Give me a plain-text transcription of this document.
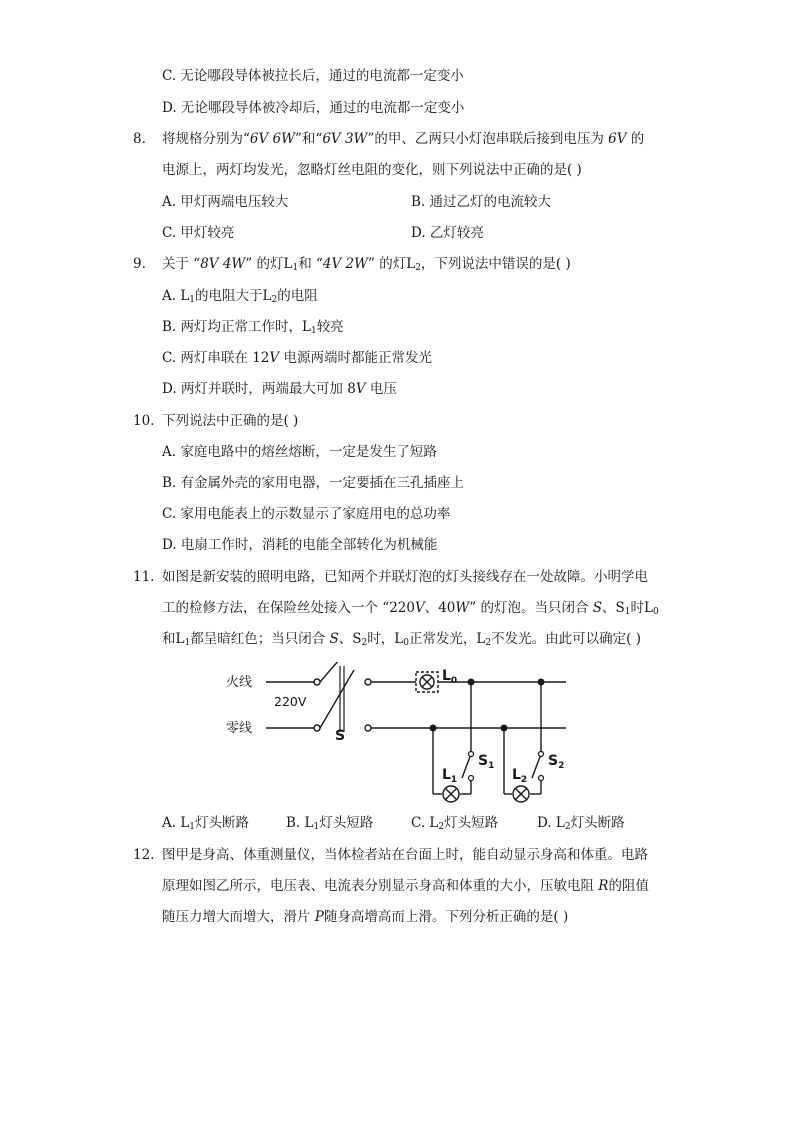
C. 无论哪段导体被拉长后，通过的电流都一定变小
D. 无论哪段导体被冷却后，通过的电流都一定变小
8. 将规格分别为“6V 6W”和“6V 3W”的甲、乙两只小灯泡串联后接到电压为 6V 的
电源上，两灯均发光，忽略灯丝电阻的变化，则下列说法中正确的是( )
A. 甲灯两端电压较大	B. 通过乙灯的电流较大
C. 甲灯较亮	D. 乙灯较亮
9. 关于 “8V 4W” 的灯$L_1$和 “4V 2W” 的灯$L_2$，下列说法中错误的是( )
A. $L_1$的电阻大于$L_2$的电阻
B. 两灯均正常工作时，$L_1$较亮
C. 两灯串联在 12V 电源两端时都能正常发光
D. 两灯并联时，两端最大可加 8V 电压
10. 下列说法中正确的是( )
A. 家庭电路中的熔丝熔断，一定是发生了短路
B. 有金属外壳的家用电器，一定要插在三孔插座上
C. 家用电能表上的示数显示了家庭用电的总功率
D. 电扇工作时，消耗的电能全部转化为机械能
11. 如图是新安装的照明电路，已知两个并联灯泡的灯头接线存在一处故障。小明学电
工的检修方法，在保险丝处接入一个 “220V、40W” 的灯泡。当只闭合 S、$S_1$时$L_0$
和$L_1$都呈暗红色；当只闭合 S、$S_2$时，$L_0$正常发光，$L_2$不发光。由此可以确定( )
火线
零线
220V
S
$L_0$
$S_1$	$S_2$
$L_1$	$L_2$
A. $L_1$灯头断路	B. $L_1$灯头短路	C. $L_2$灯头短路	D. $L_2$灯头断路
12. 图甲是身高、体重测量仪，当体检者站在台面上时，能自动显示身高和体重。电路
原理如图乙所示，电压表、电流表分别显示身高和体重的大小，压敏电阻 R的阻值
随压力增大而增大，滑片 P随身高增高而上滑。下列分析正确的是( )
